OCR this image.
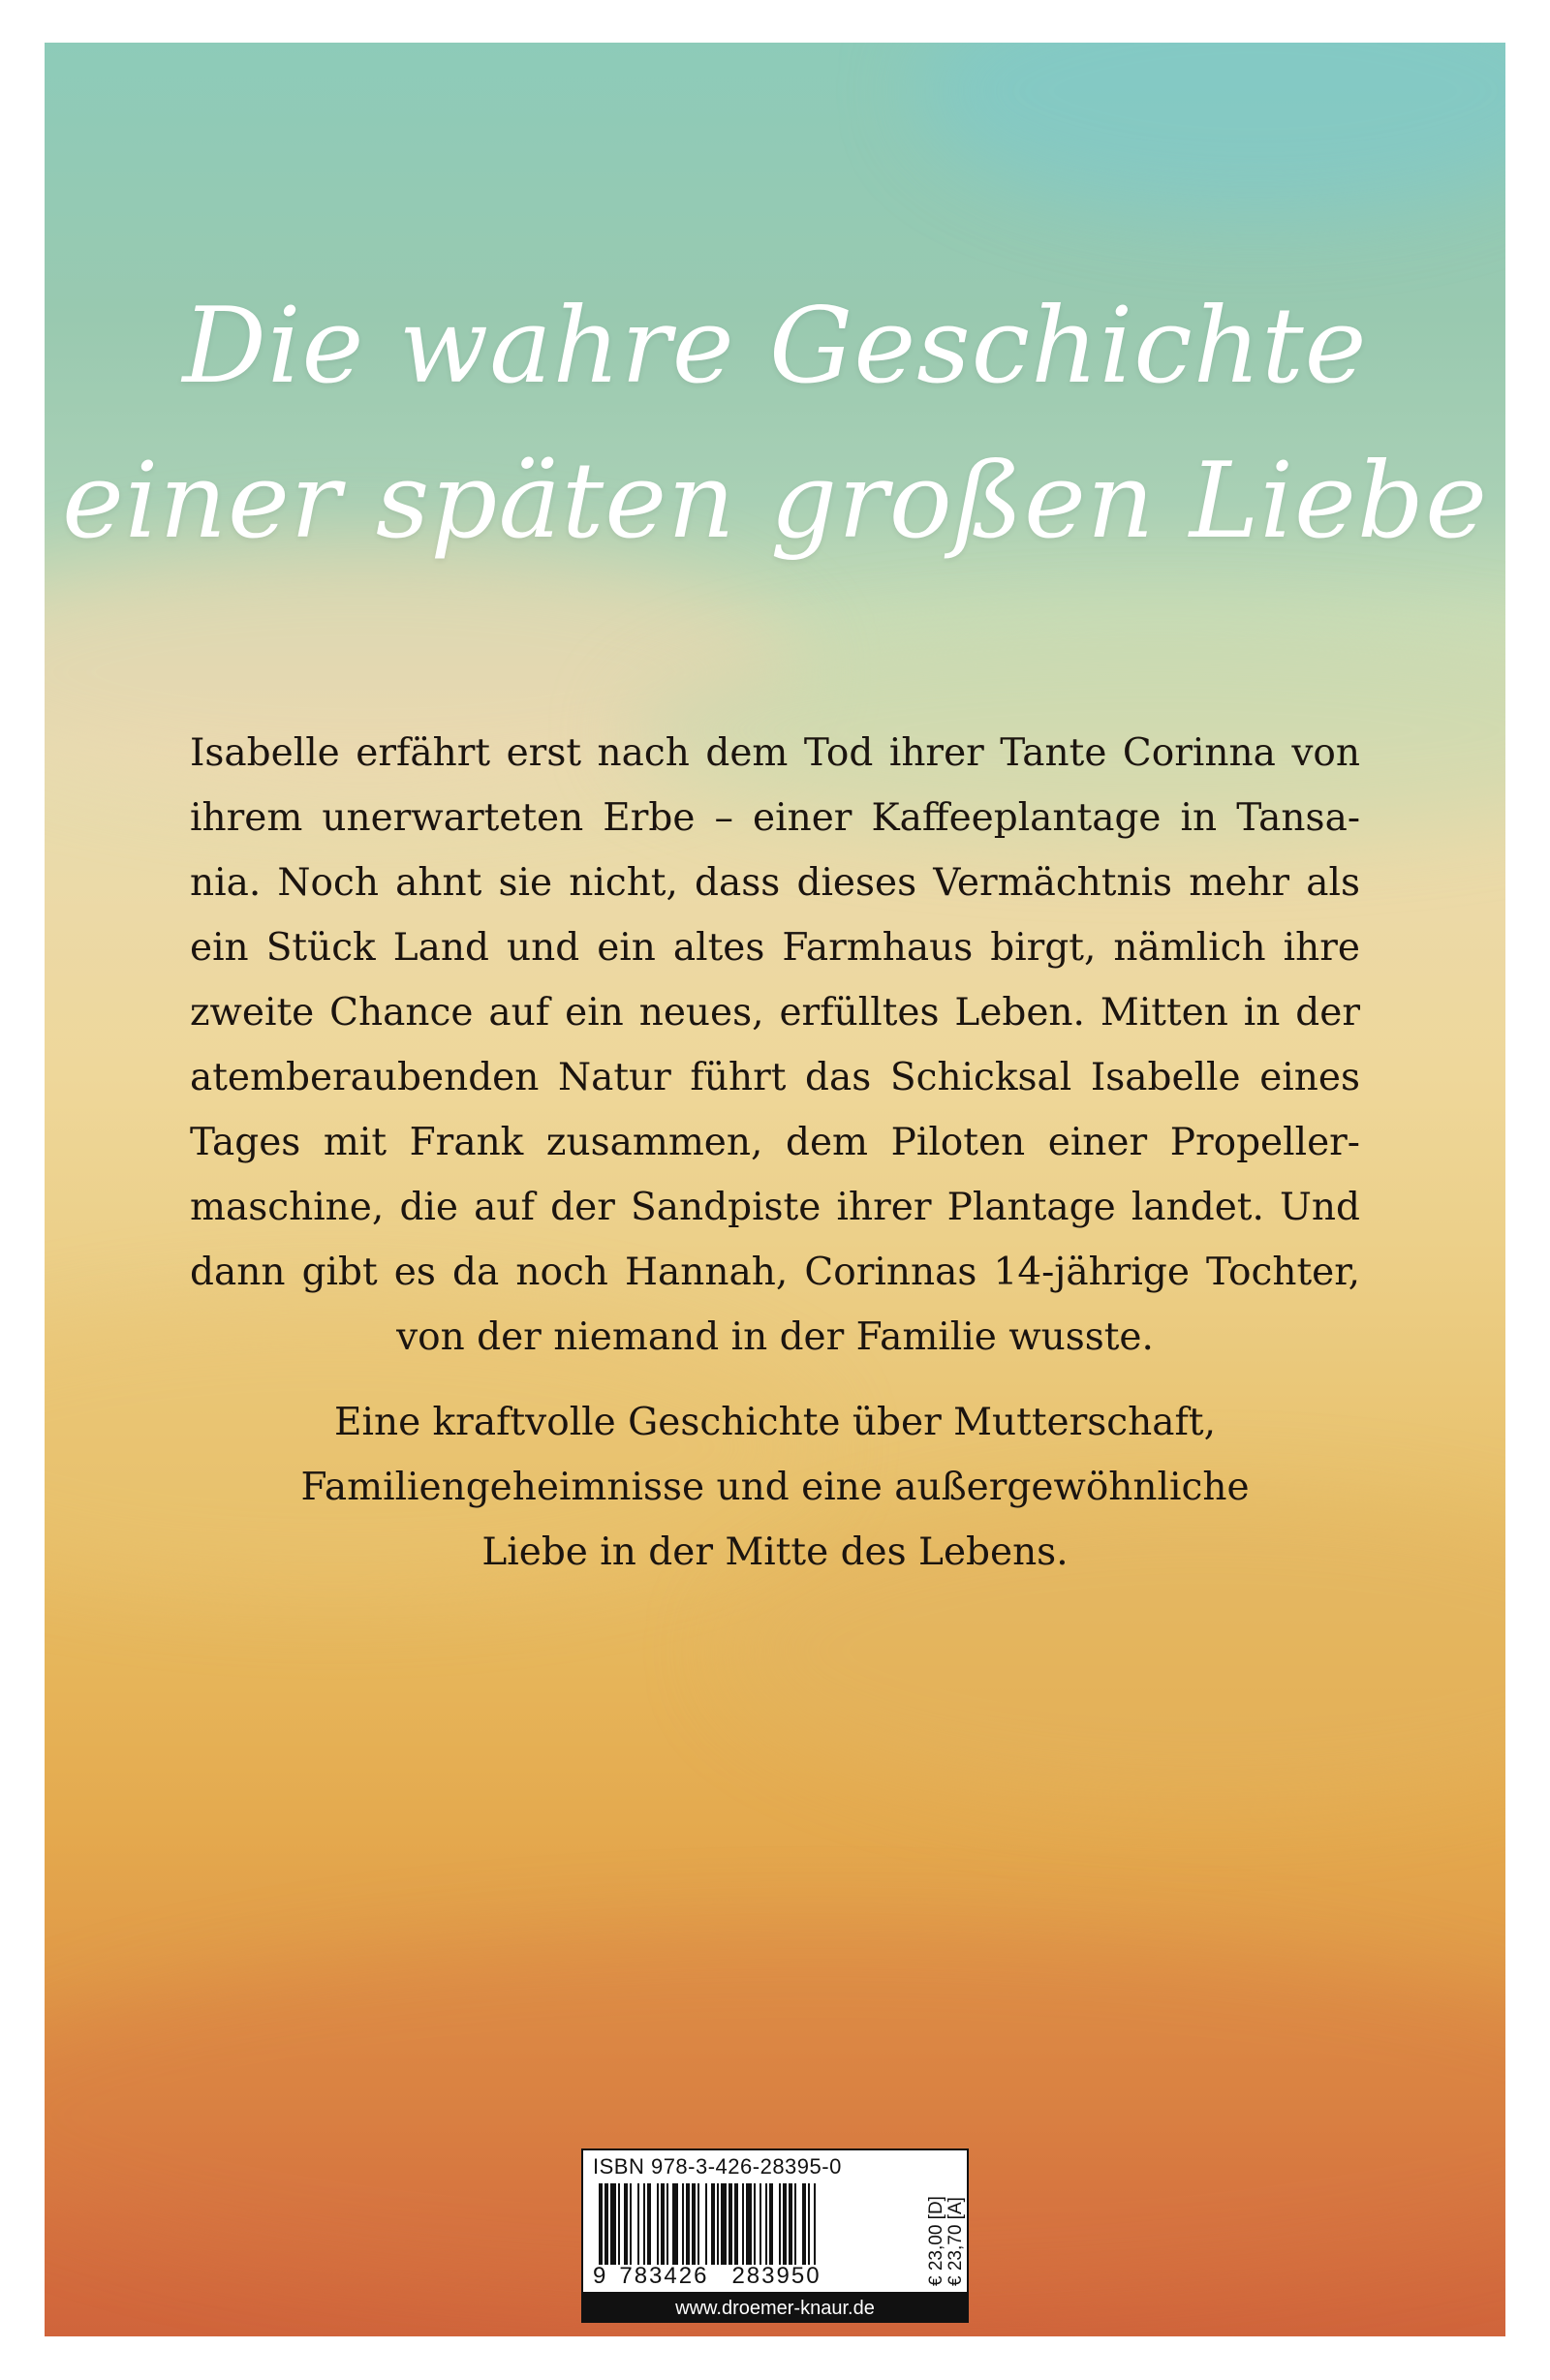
Die wahre Geschichte
einer späten großen Liebe
Isabelle erfährt erst nach dem Tod ihrer Tante Corinna von
ihrem unerwarteten Erbe – einer Kaffeeplantage in Tansa-
nia. Noch ahnt sie nicht, dass dieses Vermächtnis mehr als
ein Stück Land und ein altes Farmhaus birgt, nämlich ihre
zweite Chance auf ein neues, erfülltes Leben. Mitten in der
atemberaubenden Natur führt das Schicksal Isabelle eines
Tages mit Frank zusammen, dem Piloten einer Propeller-
maschine, die auf der Sandpiste ihrer Plantage landet. Und
dann gibt es da noch Hannah, Corinnas 14-jährige Tochter,
von der niemand in der Familie wusste.
Eine kraftvolle Geschichte über Mutterschaft,
Familiengeheimnisse und eine außergewöhnliche
Liebe in der Mitte des Lebens.
ISBN 978-3-426-28395-0
9 783426 283950	€ 23,00 [D] € 23,70 [A]
www.droemer-knaur.de
